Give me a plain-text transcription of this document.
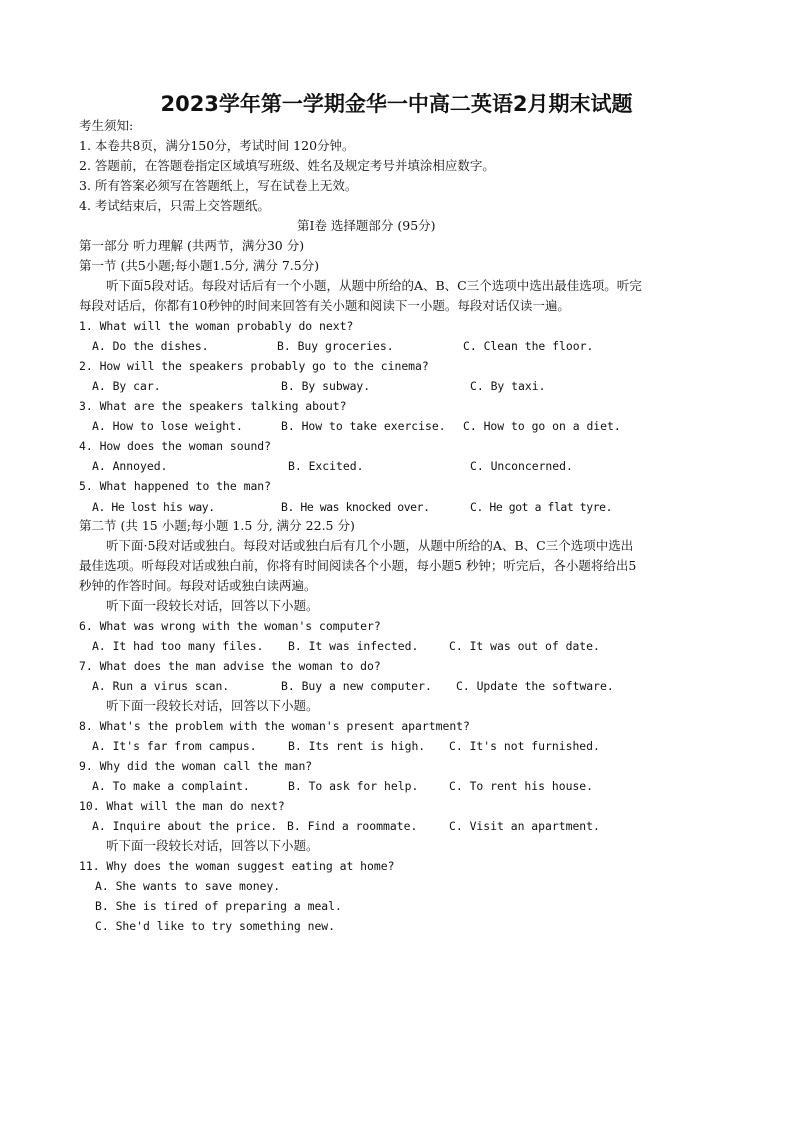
2023学年第一学期金华一中高二英语2月期末试题
考生须知:
1. 本卷共8页，满分150分，考试时间 120分钟。
2. 答题前，在答题卷指定区域填写班级、姓名及规定考号并填涂相应数字。
3. 所有答案必须写在答题纸上，写在试卷上无效。
4. 考试结束后，只需上交答题纸。
第Ⅰ卷 选择题部分 (95分)
第一部分 听力理解 (共两节，满分30 分)
第一节 (共5小题;每小题1.5分, 满分 7.5分)
听下面5段对话。每段对话后有一个小题，从题中所给的A、B、C三个选项中选出最佳选项。听完
每段对话后，你都有10秒钟的时间来回答有关小题和阅读下一小题。每段对话仅读一遍。
1. What will the woman probably do next?
A. Do the dishes.	B. Buy groceries.	C. Clean the floor.
2. How will the speakers probably go to the cinema?
A. By car.	B. By subway.	C. By taxi.
3. What are the speakers talking about?
A. How to lose weight.	B. How to take exercise. C. How to go on a diet.
4. How does the woman sound?
A. Annoyed.	B. Excited.	C. Unconcerned.
5. What happened to the man?
A. He lost his way.	B. He was knocked over.	C. He got a flat tyre.
第二节 (共 15 小题;每小题 1.5 分, 满分 22.5 分)
听下面·5段对话或独白。每段对话或独白后有几个小题，从题中所给的A、B、C三个选项中选出
最佳选项。听每段对话或独白前，你将有时间阅读各个小题，每小题5 秒钟；听完后，各小题将给出5
秒钟的作答时间。每段对话或独白读两遍。
听下面一段较长对话，回答以下小题。
6. What was wrong with the woman's computer?
A. It had too many files. B. It was infected.	C. It was out of date.
7. What does the man advise the woman to do?
A. Run a virus scan.	B. Buy a new computer. C. Update the software.
听下面一段较长对话，回答以下小题。
8. What's the problem with the woman's present apartment?
A. It's far from campus.	B. Its rent is high. C. It's not furnished.
9. Why did the woman call the man?
A. To make a complaint.	B. To ask for help.	C. To rent his house.
10. What will the man do next?
A. Inquire about the price. B. Find a roommate.	C. Visit an apartment.
听下面一段较长对话，回答以下小题。
11. Why does the woman suggest eating at home?
A. She wants to save money.
B. She is tired of preparing a meal.
C. She'd like to try something new.
